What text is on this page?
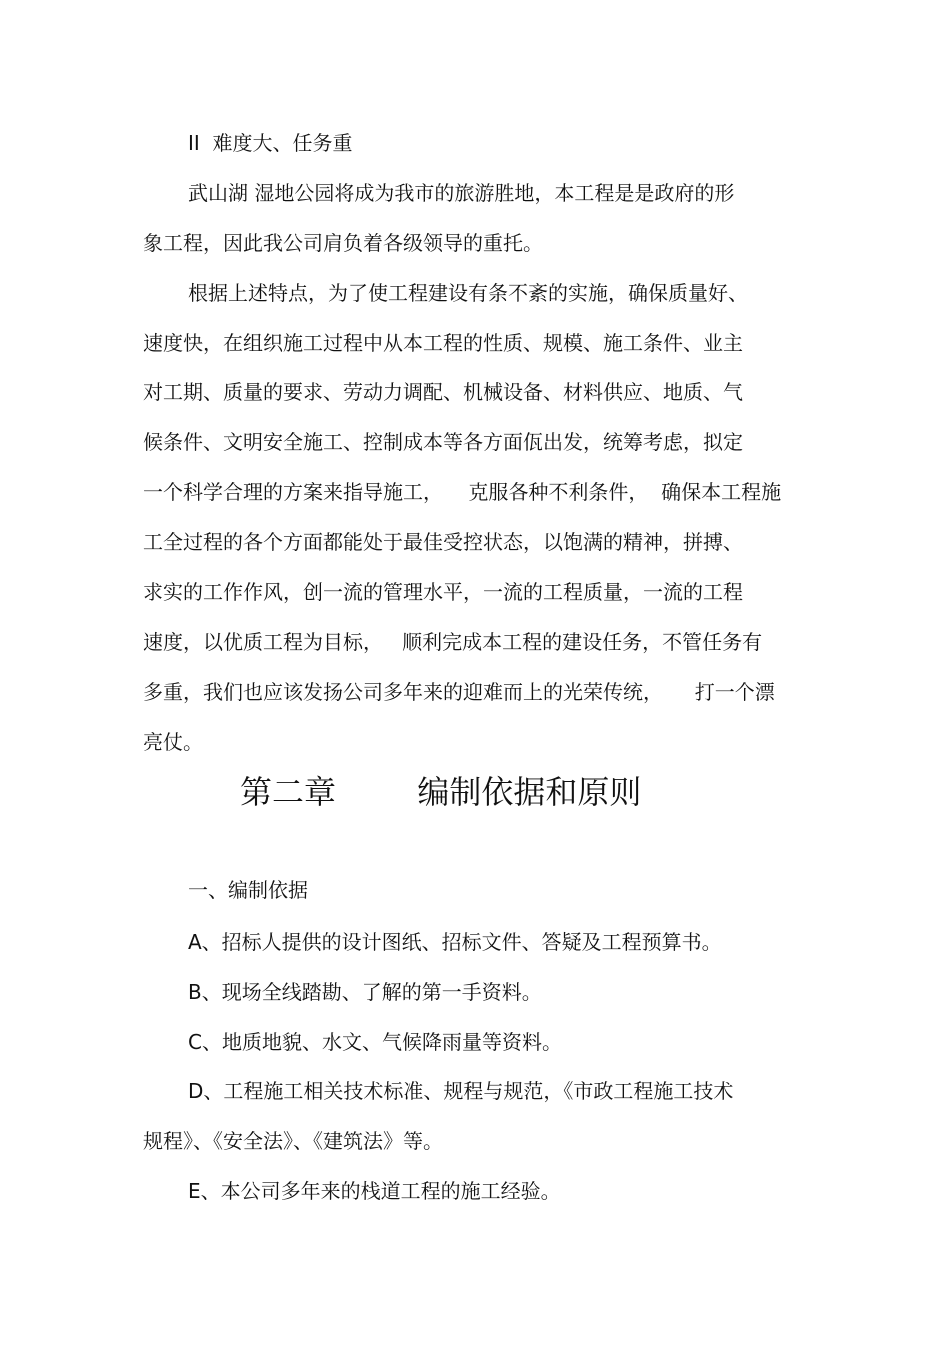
II  难度大、任务重
武山湖 湿地公园将成为我市的旅游胜地，本工程是是政府的形
象工程，因此我公司肩负着各级领导的重托。
根据上述特点，为了使工程建设有条不紊的实施，确保质量好、
速度快，在组织施工过程中从本工程的性质、规模、施工条件、业主
对工期、质量的要求、劳动力调配、机械设备、材料供应、地质、气
候条件、文明安全施工、控制成本等各方面佤出发，统筹考虑，拟定
一个科学合理的方案来指导施工，    克服各种不利条件，  确保本工程施
工全过程的各个方面都能处于最佳受控状态，以饱满的精神，拼搏、
求实的工作作风，创一流的管理水平，一流的工程质量，一流的工程
速度，以优质工程为目标，   顺利完成本工程的建设任务，不管任务有
多重，我们也应该发扬公司多年来的迎难而上的光荣传统，     打一个漂
亮仗。
第二章        编制依据和原则
一、编制依据
A、招标人提供的设计图纸、招标文件、答疑及工程预算书。
B、现场全线踏勘、了解的第一手资料。
C、地质地貌、水文、气候降雨量等资料。
D、工程施工相关技术标准、规程与规范，《市政工程施工技术
规程》、《安全法》、《建筑法》等。
E、本公司多年来的栈道工程的施工经验。
